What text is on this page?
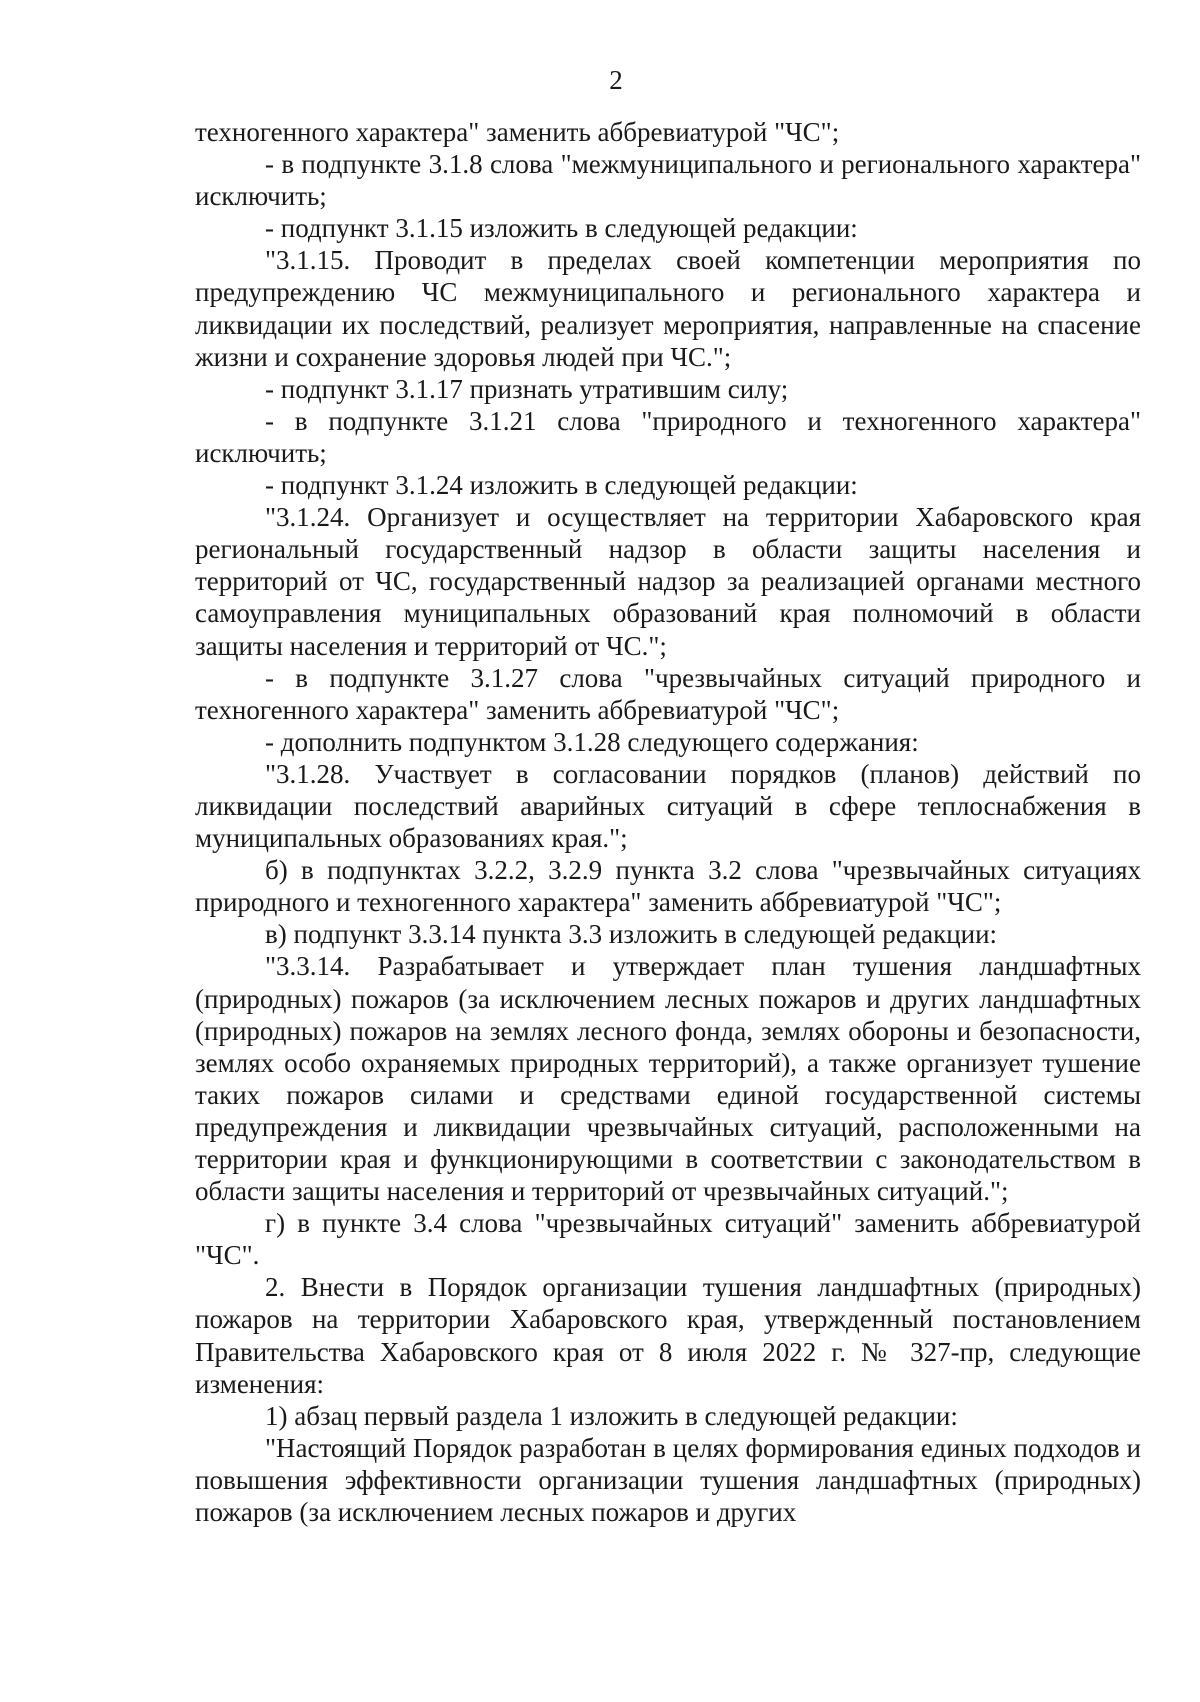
2

техногенного характера" заменить аббревиатурой "ЧС";

- в подпункте 3.1.8 слова "межмуниципального и регионального характера" исключить;

- подпункт 3.1.15 изложить в следующей редакции:

"3.1.15. Проводит в пределах своей компетенции мероприятия по предупреждению ЧС межмуниципального и регионального характера и ликвидации их последствий, реализует мероприятия, направленные на спасение жизни и сохранение здоровья людей при ЧС.";

- подпункт 3.1.17 признать утратившим силу;

- в подпункте 3.1.21 слова "природного и техногенного характера" исключить;

- подпункт 3.1.24 изложить в следующей редакции:

"3.1.24. Организует и осуществляет на территории Хабаровского края региональный государственный надзор в области защиты населения и территорий от ЧС, государственный надзор за реализацией органами местного самоуправления муниципальных образований края полномочий в области защиты населения и территорий от ЧС.";

- в подпункте 3.1.27 слова "чрезвычайных ситуаций природного и техногенного характера" заменить аббревиатурой "ЧС";

- дополнить подпунктом 3.1.28 следующего содержания:

"3.1.28. Участвует в согласовании порядков (планов) действий по ликвидации последствий аварийных ситуаций в сфере теплоснабжения в муниципальных образованиях края.";

б) в подпунктах 3.2.2, 3.2.9 пункта 3.2 слова "чрезвычайных ситуациях природного и техногенного характера" заменить аббревиатурой "ЧС";

в) подпункт 3.3.14 пункта 3.3 изложить в следующей редакции:

"3.3.14. Разрабатывает и утверждает план тушения ландшафтных (природных) пожаров (за исключением лесных пожаров и других ландшафтных (природных) пожаров на землях лесного фонда, землях обороны и безопасности, землях особо охраняемых природных территорий), а также организует тушение таких пожаров силами и средствами единой государственной системы предупреждения и ликвидации чрезвычайных ситуаций, расположенными на территории края и функционирующими в соответствии с законодательством в области защиты населения и территорий от чрезвычайных ситуаций.";

г) в пункте 3.4 слова "чрезвычайных ситуаций" заменить аббревиатурой "ЧС".

2. Внести в Порядок организации тушения ландшафтных (природных) пожаров на территории Хабаровского края, утвержденный постановлением Правительства Хабаровского края от 8 июля 2022 г. № 327-пр, следующие изменения:

1) абзац первый раздела 1 изложить в следующей редакции:

"Настоящий Порядок разработан в целях формирования единых подходов и повышения эффективности организации тушения ландшафтных (природных) пожаров (за исключением лесных пожаров и других
